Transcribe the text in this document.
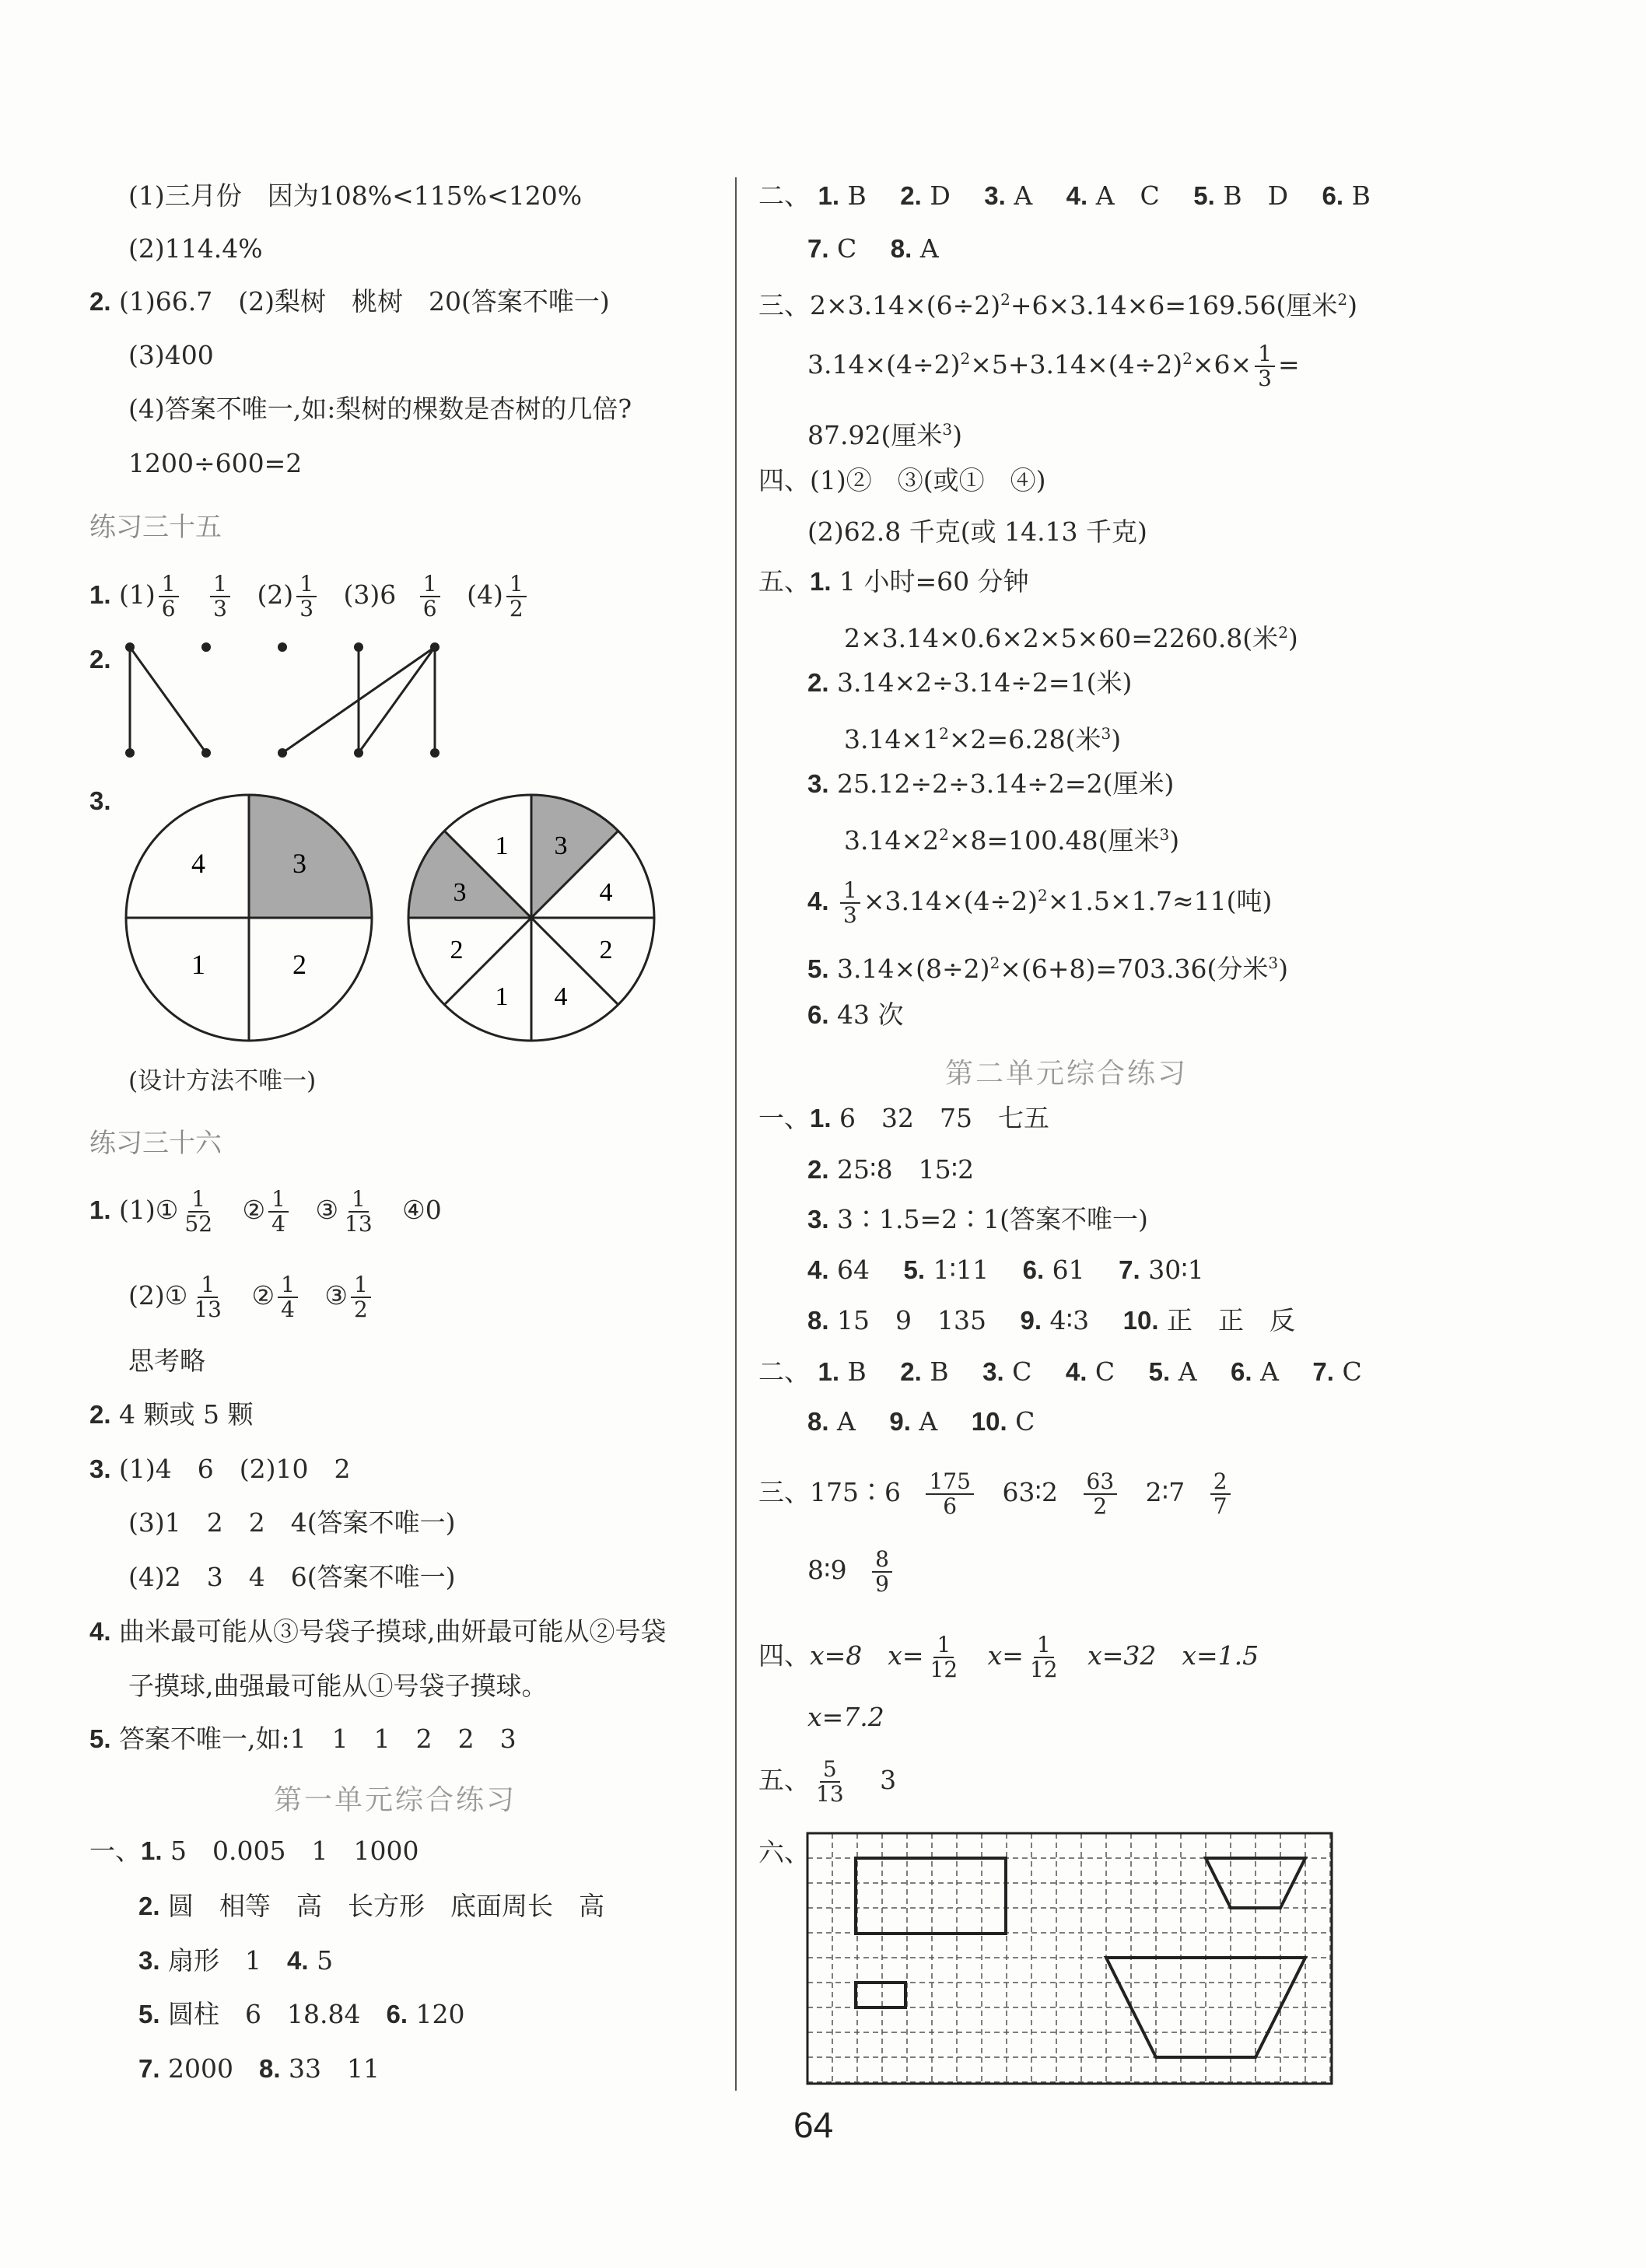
(1)三月份　因为108%<115%<120%
(2)114.4%
2. (1)66.7　(2)梨树　桃树　20(答案不唯一)
(3)400
(4)答案不唯一,如:梨树的棵数是杏树的几倍?
1200÷600=2
练习三十五
1. $(1) \frac{1}{6}$
$\frac{1}{3} (2) \frac{1}{3} (3)6 \frac{1}{6} (4) \frac{1}{2}$
2.
3.
4	3
1	2
1 3
3	4
2	2
1 4
(设计方法不唯一)
练习三十六
1. (1)① $\frac{1}{52}$ ② $\frac{1}{4}$ ③ $\frac{1}{13}$ ④0
(2)① $\frac{1}{13}$ ② $\frac{1}{4}$ ③ $\frac{1}{2}$
思考略
2. 4 颗或 5 颗
3. (1)4　6　(2)10　2
(3)1　2　2　4(答案不唯一)
(4)2　3　4　6(答案不唯一)
4. 曲米最可能从③号袋子摸球,曲妍最可能从②号袋
子摸球,曲强最可能从①号袋子摸球。
5. 答案不唯一,如:1　1　1　2　2　3
第一单元综合练习
一、1. 5　0.005　1　1000
2. 圆　相等　高　长方形　底面周长　高
3. 扇形　1　 4. 5
5. 圆柱　6　18.84　 6. 120
7. 2000　 8. 33　11
二、 1. B　 2. D　 3. A　 4. A　C　 5. B　D　 6. B
7. C　 8. A
三、$2\times 3.14\times(6\div 2)^2+6\times 3.14\times 6=169.56$(厘米$^2$)
$3.14\times(4\div 2)^2\times 5+3.14\times(4\div 2)^2\times 6\times \frac{1}{3}$ =
87.92(厘米$^3$)
四、(1)②　③(或①　④)
(2)62.8 千克(或 14.13 千克)
五、1. 1 小时=60 分钟
2×3.14×0.6×2×5×60=2260.8(米$^2$)
2. 3.14×2÷3.14÷2=1(米)
$3.14\times 1^2\times 2=6.28$(米$^3$)
3. 25.12÷2÷3.14÷2=2(厘米)
$3.14\times 2^2\times 8=100.48$(厘米$^3$)
4. $\frac{1}{3} \times 3.14\times(4\div 2)^2\times 1.5\times 1.7\approx 11$(吨)
5. $3.14\times(8\div 2)^2\times(6+8)=703.36$(分米$^3$)
6. 43 次
第二单元综合练习
一、1. 6　32　75　七五
2. 25∶8　15∶2
3. 3∶1.5=2∶1(答案不唯一)
4. 64　 5. 1∶11　 6. 61　 7. 30∶1
8. 15　9　135　 9. 4∶3　 10. 正　正　反
二、 1. B　 2. B　 3. C　 4. C　 5. A　 6. A　 7. C
8. A　 9. A　 10. C
三、175∶6 $\frac{175}{6}$ 63∶2 $\frac{63}{2}$ 2∶7 $\frac{2}{7}$
8∶9 $\frac{8}{9}$
四、x=8　$x= \frac{1}{12} x= \frac{1}{12} x=32$　x=1.5
x=7.2
五、 $\frac{5}{13} 3$
六、
64
